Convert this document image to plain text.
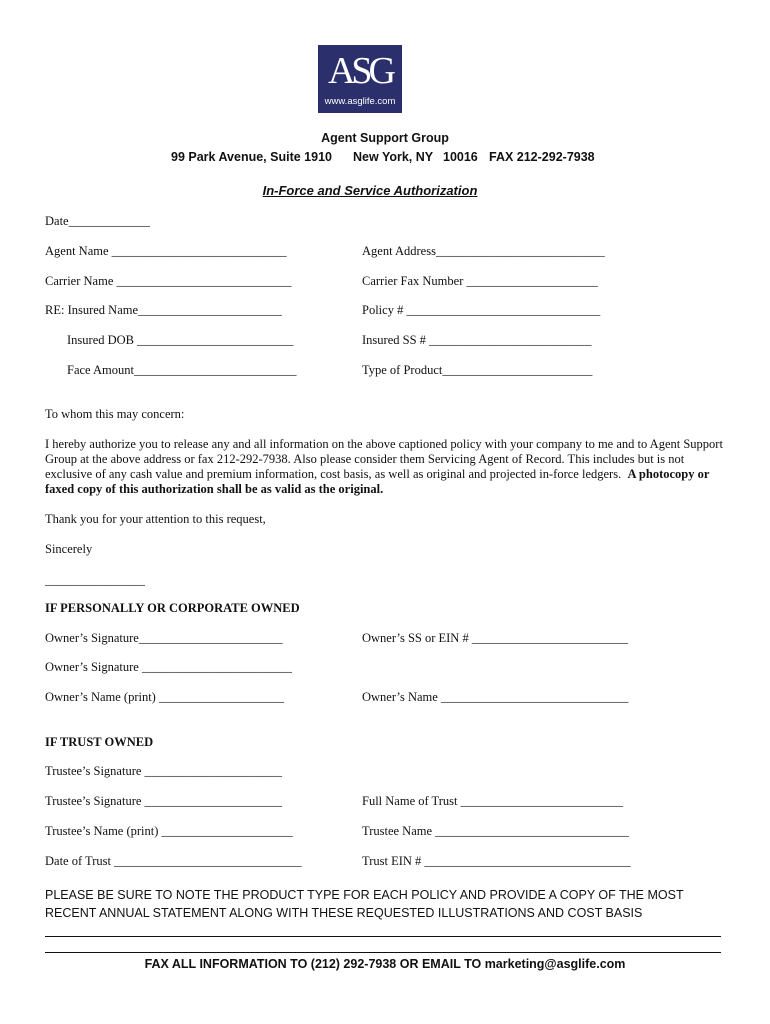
ASG
www.asglife.com
Agent Support Group
99 Park Avenue, Suite 1910 New York, NY 10016 FAX 212-292-7938
In-Force and Service Authorization
Date_____________
Agent Name ____________________________	Agent Address___________________________
Carrier Name ____________________________	Carrier Fax Number _____________________
RE: Insured Name_______________________	Policy # _______________________________
Insured DOB _________________________	Insured SS # __________________________
Face Amount__________________________	Type of Product________________________
To whom this may concern:
I hereby authorize you to release any and all information on the above captioned policy with your company to me and to Agent Support Group at the above address or fax 212-292-7938. Also please consider them Servicing Agent of Record. This includes but is not exclusive of any cash value and premium information, cost basis, as well as original and projected in-force ledgers. A photocopy or faxed copy of this authorization shall be as valid as the original.
Thank you for your attention to this request,
Sincerely
________________
IF PERSONALLY OR CORPORATE OWNED
Owner’s Signature_______________________	Owner’s SS or EIN # _________________________
Owner’s Signature ________________________
Owner’s Name (print) ____________________	Owner’s Name ______________________________
IF TRUST OWNED
Trustee’s Signature ______________________
Trustee’s Signature ______________________	Full Name of Trust __________________________
Trustee’s Name (print) _____________________	Trustee Name _______________________________
Date of Trust ______________________________	Trust EIN # _________________________________
PLEASE BE SURE TO NOTE THE PRODUCT TYPE FOR EACH POLICY AND PROVIDE A COPY OF THE MOST RECENT ANNUAL STATEMENT ALONG WITH THESE REQUESTED ILLUSTRATIONS AND COST BASIS
FAX ALL INFORMATION TO (212) 292-7938 OR EMAIL TO marketing@asglife.com
